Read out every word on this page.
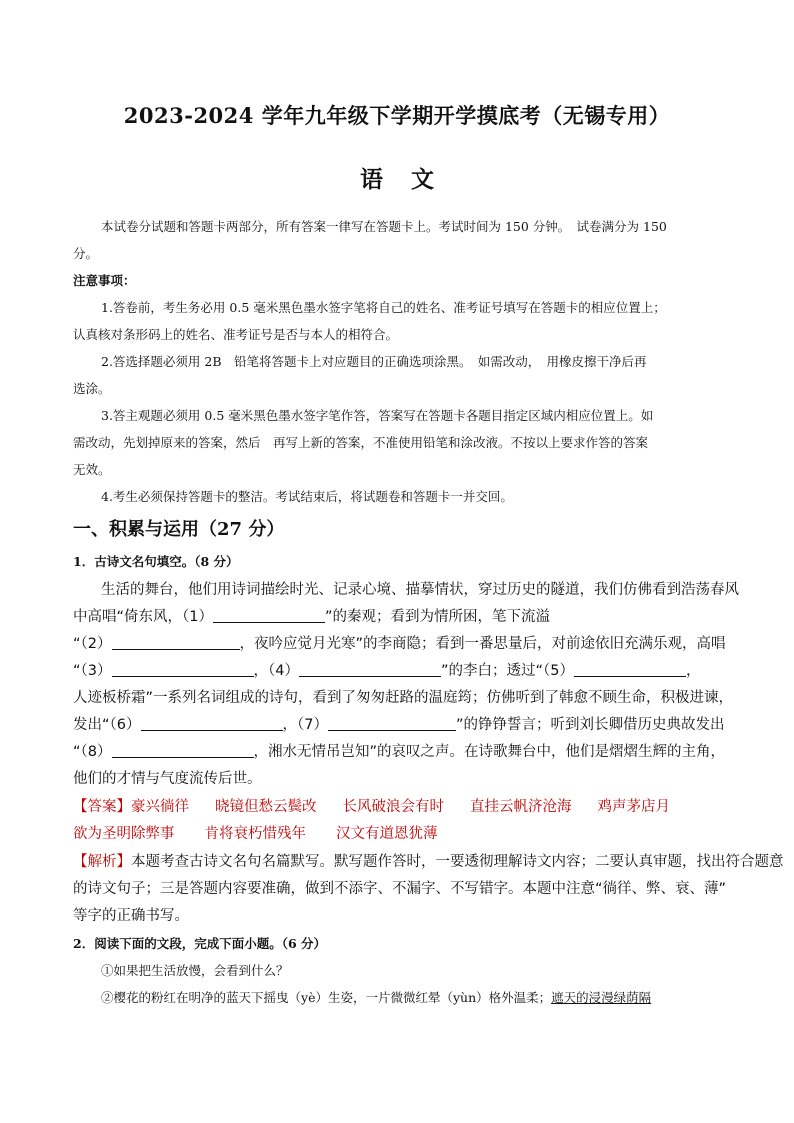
2023-2024 学年九年级下学期开学摸底考（无锡专用）
语文
本试卷分试题和答题卡两部分，所有答案一律写在答题卡上。考试时间为 150 分钟。　试卷满分为 150
分。
注意事项：
1.答卷前，考生务必用 0.5 毫米黑色墨水签字笔将自己的姓名、准考证号填写在答题卡的相应位置上；
认真核对条形码上的姓名、准考证号是否与本人的相符合。
2.答选择题必须用 2B　铅笔将答题卡上对应题目的正确选项涂黑。　如需改动，　用橡皮擦干净后再
选涂。
3.答主观题必须用 0.5 毫米黑色墨水签字笔作答，答案写在答题卡各题目指定区域内相应位置上。如
需改动，先划掉原来的答案，然后　再写上新的答案，不准使用铅笔和涂改液。不按以上要求作答的答案
无效。
4.考生必须保持答题卡的整洁。考试结束后，将试题卷和答题卡一并交回。
一、积累与运用（27 分）
1．古诗文名句填空。（8 分）
生活的舞台，他们用诗词描绘时光、记录心境、描摹情状，穿过历史的隧道，我们仿佛看到浩荡春风
中高唱“倚东风，（1）	”的秦观；看到为情所困，笔下流溢
“（2）	，夜吟应觉月光寒”的李商隐；看到一番思量后，对前途依旧充满乐观，高唱
“（3）	，（4）	”的李白；透过“（5）	，
人迹板桥霜”一系列名词组成的诗句，看到了匆匆赶路的温庭筠；仿佛听到了韩愈不顾生命，积极进谏，
发出“（6）	，（7）	”的铮铮誓言；听到刘长卿借历史典故发出
“（8）	，湘水无情吊岂知”的哀叹之声。在诗歌舞台中，他们是熠熠生辉的主角，
他们的才情与气度流传后世。
【答案】豪兴徜徉 晓镜但愁云鬓改 长风破浪会有时 直挂云帆济沧海 鸡声茅店月
欲为圣明除弊事 肯将衰朽惜残年 汉文有道恩犹薄
【解析】本题考查古诗文名句名篇默写。默写题作答时，一要透彻理解诗文内容；二要认真审题，找出符合题意
的诗文句子；三是答题内容要准确，做到不添字、不漏字、不写错字。本题中注意“徜徉、弊、衰、薄”
等字的正确书写。
2．阅读下面的文段，完成下面小题。（6 分）
①如果把生活放慢，会看到什么？
②樱花的粉红在明净的蓝天下摇曳（yè）生姿，一片微微红晕（yùn）格外温柔；遮天的浸漫绿荫隔
